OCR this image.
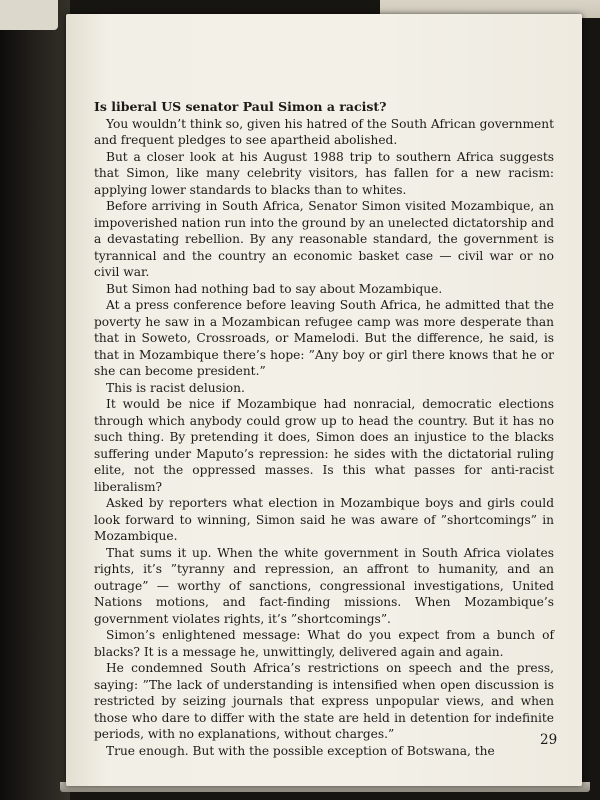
Is liberal US senator Paul Simon a racist?

You wouldn’t think so, given his hatred of the South African government and frequent pledges to see apartheid abolished.

But a closer look at his August 1988 trip to southern Africa suggests that Simon, like many celebrity visitors, has fallen for a new racism: applying lower standards to blacks than to whites.

Before arriving in South Africa, Senator Simon visited Mozambique, an impoverished nation run into the ground by an unelected dictatorship and a devastating rebellion. By any reasonable standard, the government is tyrannical and the country an economic basket case — civil war or no civil war.

But Simon had nothing bad to say about Mozambique.

At a press conference before leaving South Africa, he admitted that the poverty he saw in a Mozambican refugee camp was more desperate than that in Soweto, Crossroads, or Mamelodi. But the difference, he said, is that in Mozambique there’s hope: ”Any boy or girl there knows that he or she can become president.”

This is racist delusion.

It would be nice if Mozambique had nonracial, democratic elections through which anybody could grow up to head the country. But it has no such thing. By pretending it does, Simon does an injustice to the blacks suffering under Maputo’s repression: he sides with the dictatorial ruling elite, not the oppressed masses. Is this what passes for anti-racist liberalism?

Asked by reporters what election in Mozambique boys and girls could look forward to winning, Simon said he was aware of ”shortcomings” in Mozambique.

That sums it up. When the white government in South Africa violates rights, it’s ”tyranny and repression, an affront to humanity, and an outrage” — worthy of sanctions, congressional investigations, United Nations motions, and fact-finding missions. When Mozambique’s government violates rights, it’s ”shortcomings”.

Simon’s enlightened message: What do you expect from a bunch of blacks? It is a message he, unwittingly, delivered again and again.

He condemned South Africa’s restrictions on speech and the press, saying: ”The lack of understanding is intensified when open discussion is restricted by seizing journals that express unpopular views, and when those who dare to differ with the state are held in detention for indefinite periods, with no explanations, without charges.”

True enough. But with the possible exception of Botswana, the

29
